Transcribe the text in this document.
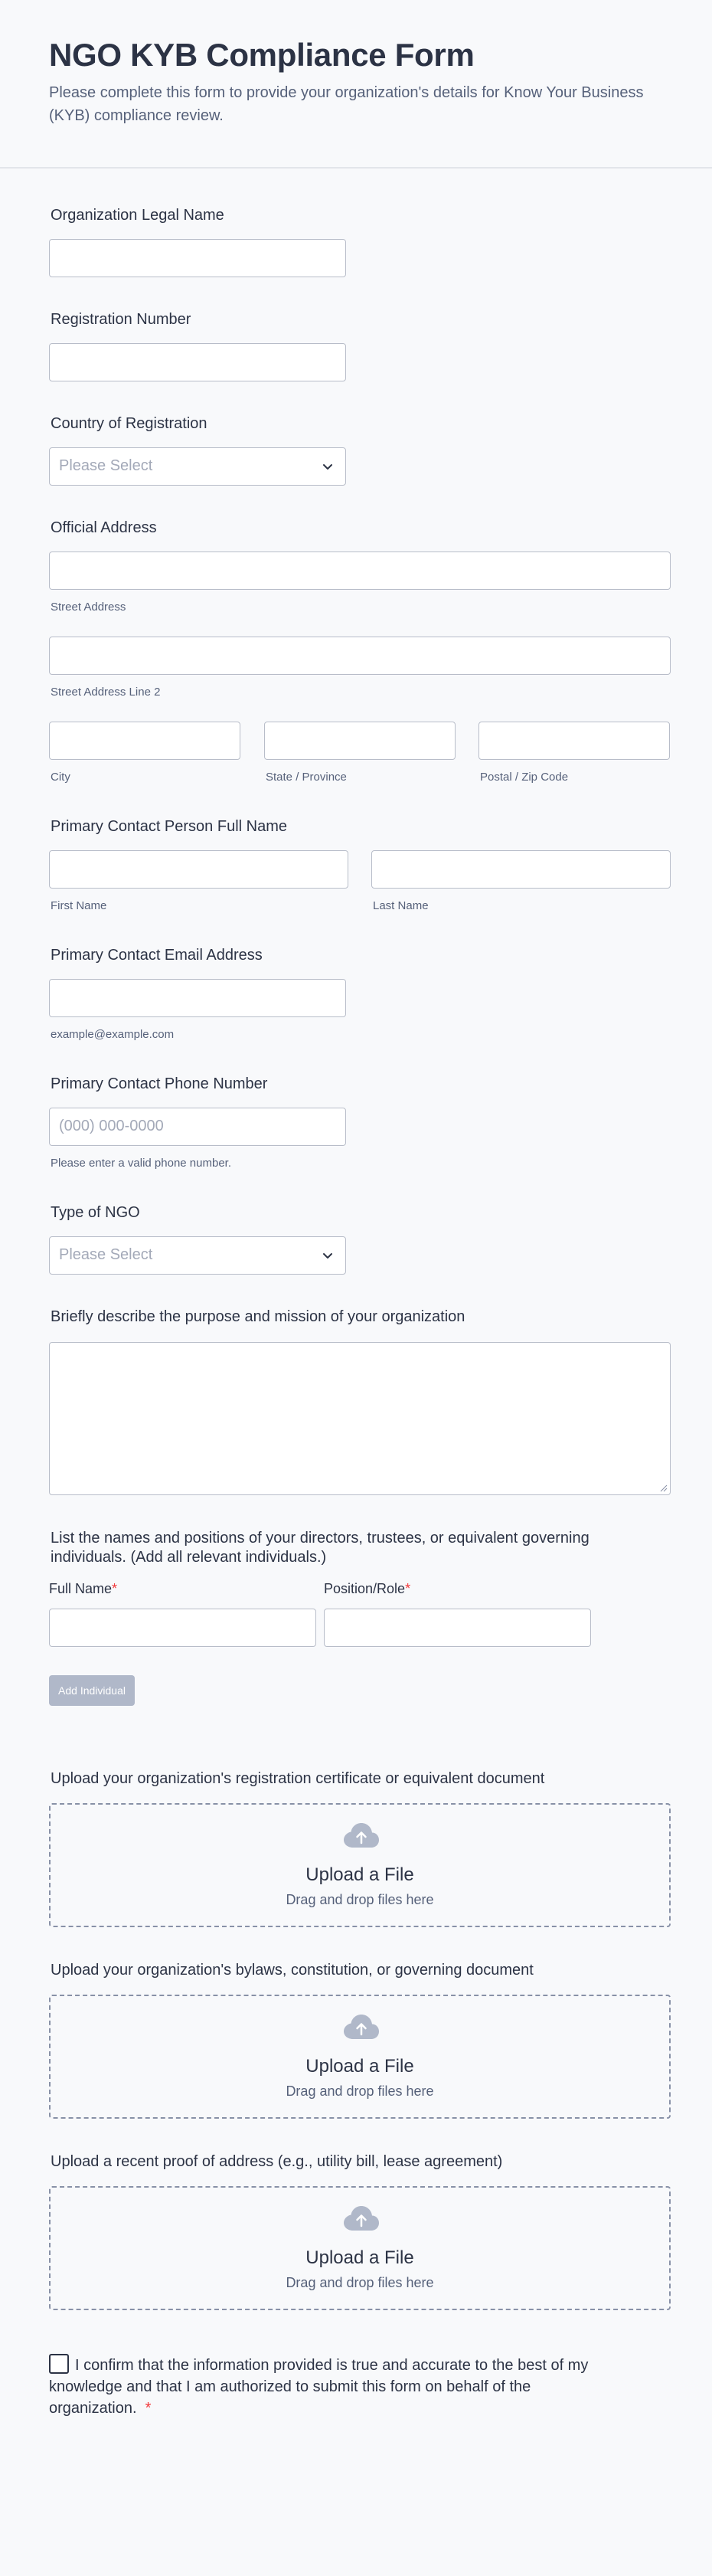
NGO KYB Compliance Form
Please complete this form to provide your organization's details for Know Your Business (KYB) compliance review.
Organization Legal Name
Registration Number
Country of Registration
Please Select
Official Address
Street Address
Street Address Line 2
City	State / Province	Postal / Zip Code
Primary Contact Person Full Name
First Name	Last Name
Primary Contact Email Address
example@example.com
Primary Contact Phone Number
(000) 000-0000
Please enter a valid phone number.
Type of NGO
Please Select
Briefly describe the purpose and mission of your organization
List the names and positions of your directors, trustees, or equivalent governing individuals. (Add all relevant individuals.)
Full Name*	Position/Role*
Add Individual
Upload your organization's registration certificate or equivalent document
Upload a File
Drag and drop files here
Upload your organization's bylaws, constitution, or governing document
Upload a File
Drag and drop files here
Upload a recent proof of address (e.g., utility bill, lease agreement)
Upload a File
Drag and drop files here
I confirm that the information provided is true and accurate to the best of my knowledge and that I am authorized to submit this form on behalf of the organization. *
